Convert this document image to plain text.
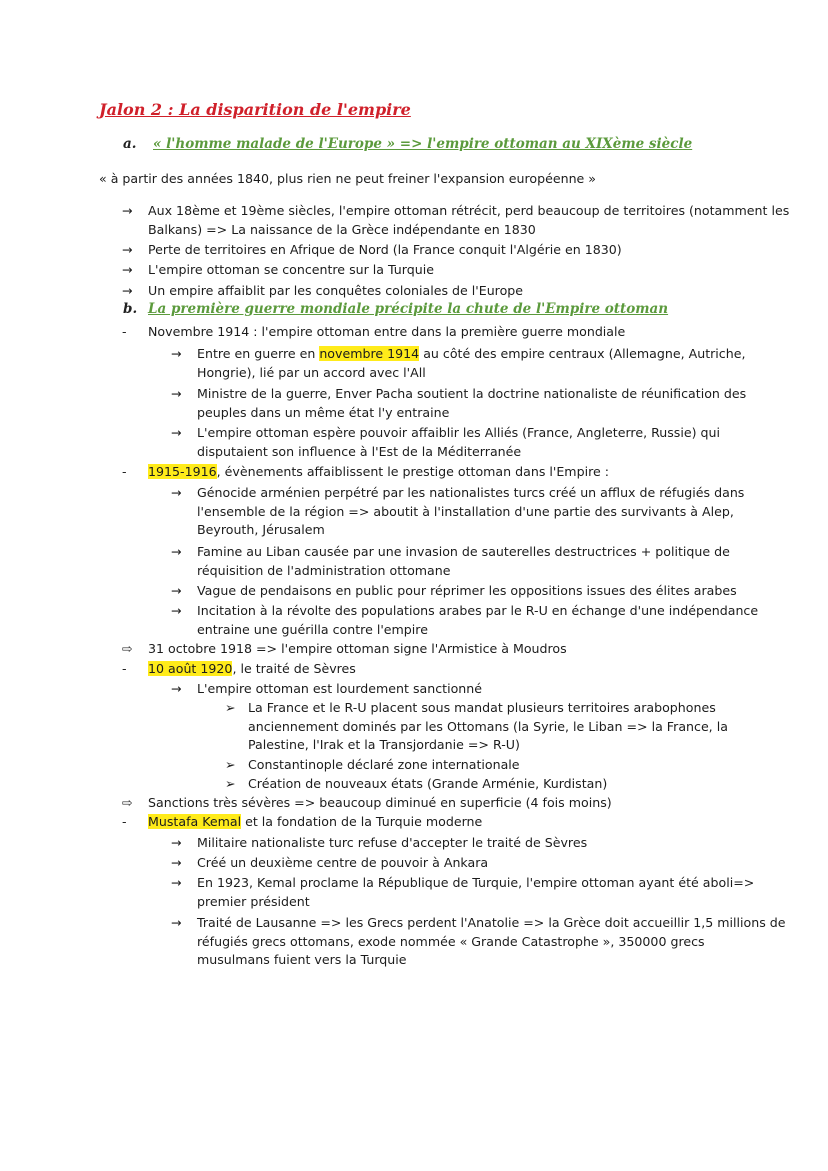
Jalon 2 : La disparition de l'empire
a. « l'homme malade de l'Europe » => l'empire ottoman au XIXème siècle

« à partir des années 1840, plus rien ne peut freiner l'expansion européenne »

→ Aux 18ème et 19ème siècles, l'empire ottoman rétrécit, perd beaucoup de territoires (notamment les
Balkans) => La naissance de la Grèce indépendante en 1830
→ Perte de territoires en Afrique de Nord (la France conquit l'Algérie en 1830)
→ L'empire ottoman se concentre sur la Turquie
→ Un empire affaiblit par les conquêtes coloniales de l'Europe
b. La première guerre mondiale précipite la chute de l'Empire ottoman
- Novembre 1914 : l'empire ottoman entre dans la première guerre mondiale
→ Entre en guerre en novembre 1914 au côté des empire centraux (Allemagne, Autriche,
Hongrie), lié par un accord avec l'All
→ Ministre de la guerre, Enver Pacha soutient la doctrine nationaliste de réunification des
peuples dans un même état l'y entraine
→ L'empire ottoman espère pouvoir affaiblir les Alliés (France, Angleterre, Russie) qui
disputaient son influence à l'Est de la Méditerranée
- 1915-1916, évènements affaiblissent le prestige ottoman dans l'Empire :
→ Génocide arménien perpétré par les nationalistes turcs créé un afflux de réfugiés dans
l'ensemble de la région => aboutit à l'installation d'une partie des survivants à Alep,
Beyrouth, Jérusalem
→ Famine au Liban causée par une invasion de sauterelles destructrices + politique de
réquisition de l'administration ottomane
→ Vague de pendaisons en public pour réprimer les oppositions issues des élites arabes
→ Incitation à la révolte des populations arabes par le R-U en échange d'une indépendance
entraine une guérilla contre l'empire
⇨ 31 octobre 1918 => l'empire ottoman signe l'Armistice à Moudros
- 10 août 1920, le traité de Sèvres
→ L'empire ottoman est lourdement sanctionné
➢ La France et le R-U placent sous mandat plusieurs territoires arabophones
anciennement dominés par les Ottomans (la Syrie, le Liban => la France, la
Palestine, l'Irak et la Transjordanie => R-U)
➢ Constantinople déclaré zone internationale
➢ Création de nouveaux états (Grande Arménie, Kurdistan)
⇨ Sanctions très sévères => beaucoup diminué en superficie (4 fois moins)
- Mustafa Kemal et la fondation de la Turquie moderne
→ Militaire nationaliste turc refuse d'accepter le traité de Sèvres
→ Créé un deuxième centre de pouvoir à Ankara
→ En 1923, Kemal proclame la République de Turquie, l'empire ottoman ayant été aboli=>
premier président
→ Traité de Lausanne => les Grecs perdent l'Anatolie => la Grèce doit accueillir 1,5 millions de
réfugiés grecs ottomans, exode nommée « Grande Catastrophe », 350000 grecs
musulmans fuient vers la Turquie
